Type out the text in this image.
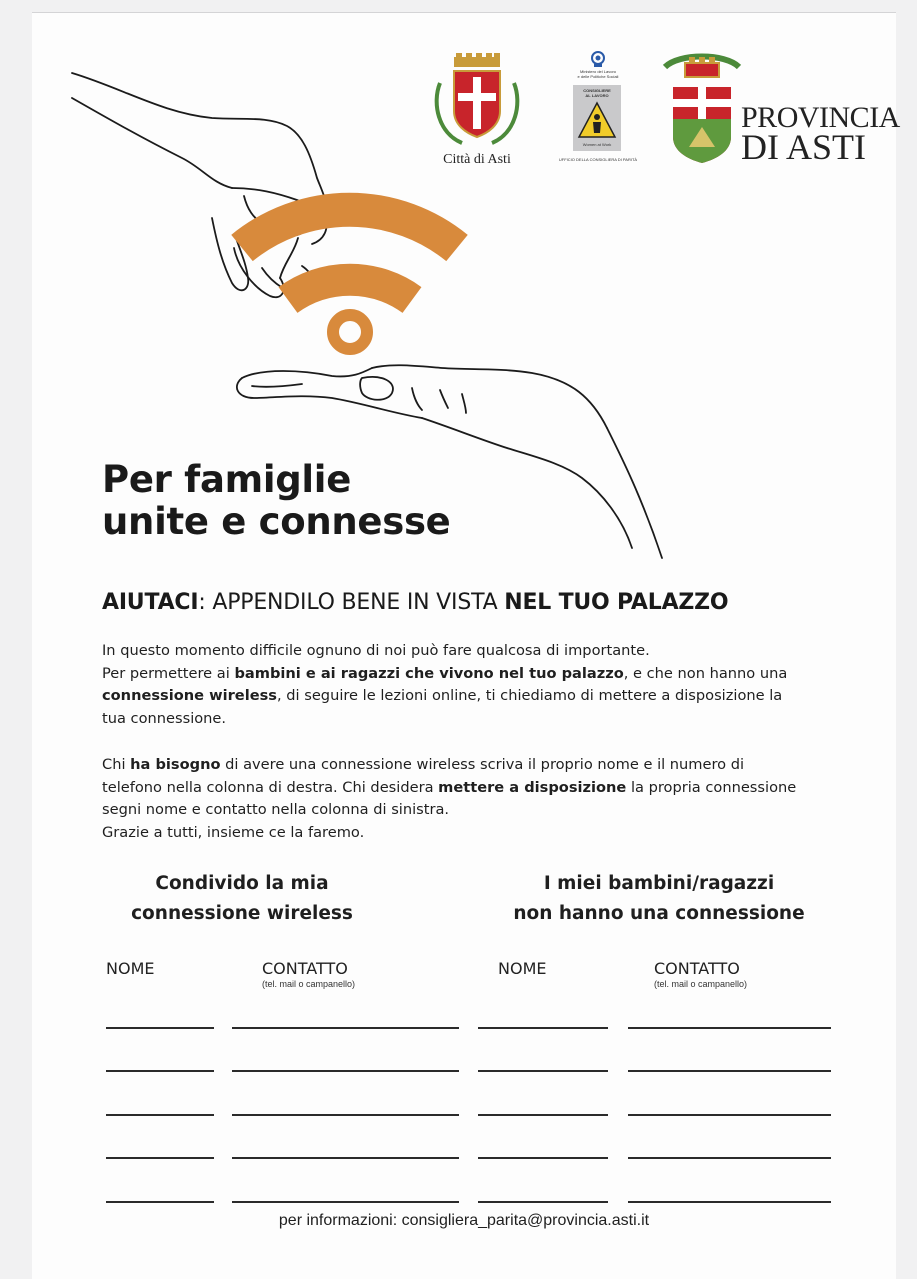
Città di Asti
Ministero del Lavoro
e delle Politiche Sociali
CONSIGLIERE
AL LAVORO
Women at Work
UFFICIO DELLA CONSIGLIERA DI PARITÀ
PROVINCIA
DI ASTI
Per famiglie
unite e connesse

AIUTACI: APPENDILO BENE IN VISTA NEL TUO PALAZZO

In questo momento difficile ognuno di noi può fare qualcosa di importante.
Per permettere ai bambini e ai ragazzi che vivono nel tuo palazzo, e che non hanno una
connessione wireless, di seguire le lezioni online, ti chiediamo di mettere a disposizione la
tua connessione.

Chi ha bisogno di avere una connessione wireless scriva il proprio nome e il numero di
telefono nella colonna di destra. Chi desidera mettere a disposizione la propria connessione
segni nome e contatto nella colonna di sinistra.
Grazie a tutti, insieme ce la faremo.

Condivido la mia
connessione wireless
I miei bambini/ragazzi
non hanno una connessione
NOME	CONTATTO
(tel. mail o campanello)
NOME	CONTATTO
(tel. mail o campanello)
per informazioni: consigliera_parita@provincia.asti.it
